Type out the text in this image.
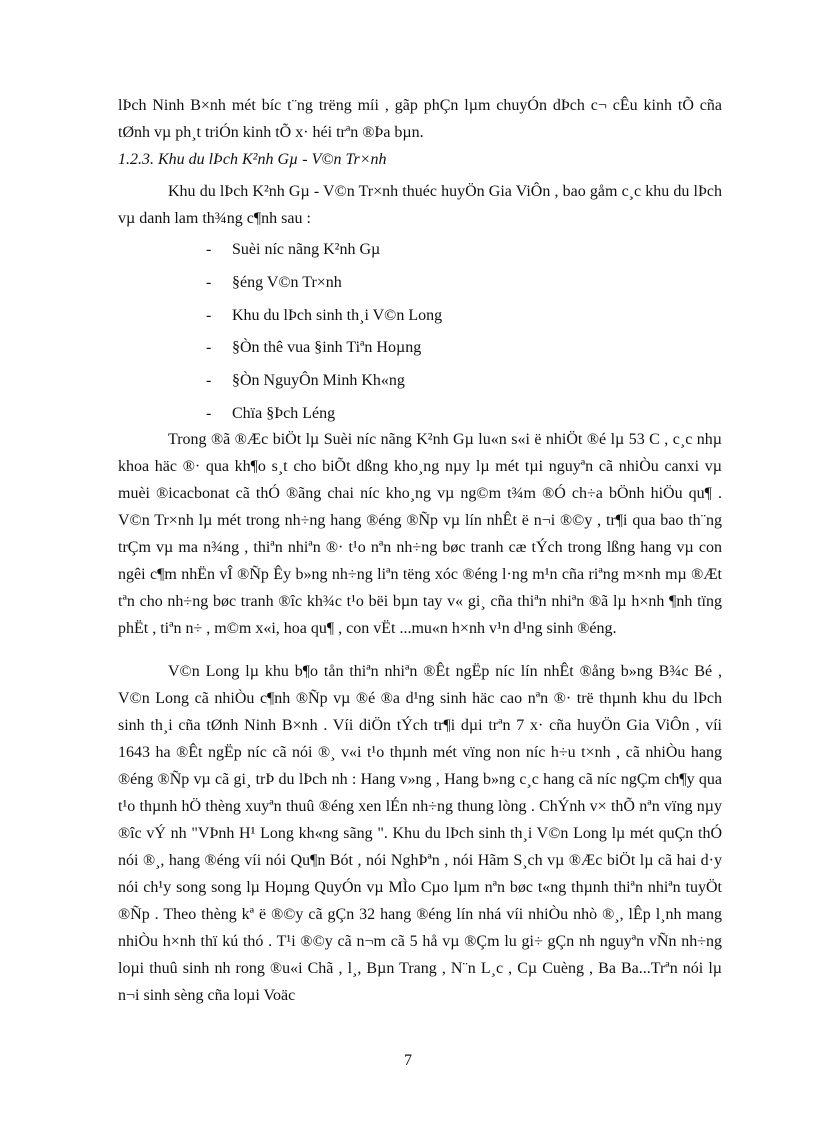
lÞch Ninh B×nh mét bíc t¨ng trëng míi , gãp phÇn lµm chuyÓn dÞch c¬ cÊu kinh tÕ cña tØnh vµ ph¸t triÓn kinh tÕ x· héi trªn ®Þa bµn.

1.2.3. Khu du lÞch K²nh Gµ - V©n Tr×nh

Khu du lÞch K²nh Gµ - V©n Tr×nh thuéc huyÖn Gia ViÔn , bao gåm c¸c khu du lÞch vµ danh lam th¾ng c¶nh sau :

- Suèi níc nãng K²nh Gµ
- §éng V©n Tr×nh
- Khu du lÞch sinh th¸i V©n Long
- §Òn thê vua §inh Tiªn Hoµng
- §Òn NguyÔn Minh Kh«ng
- Chïa §Þch Léng

Trong ®ã ®Æc biÖt lµ Suèi níc nãng K²nh Gµ lu«n s«i ë nhiÖt ®é lµ 53 C , c¸c nhµ khoa häc ®· qua kh¶o s¸t cho biÕt dßng kho¸ng nµy lµ mét tµi nguyªn cã nhiÒu canxi vµ muèi ®icacbonat cã thÓ ®ãng chai níc kho¸ng vµ ng©m t¾m ®Ó ch÷a bÖnh hiÖu qu¶ . V©n Tr×nh lµ mét trong nh÷ng hang ®éng ®Ñp vµ lín nhÊt ë n¬i ®©y , tr¶i qua bao th¨ng trÇm vµ ma n¾ng , thiªn nhiªn ®· t¹o nªn nh÷ng bøc tranh cæ tÝch trong lßng hang vµ con ngêi c¶m nhËn vÎ ®Ñp Êy b»ng nh÷ng liªn tëng xóc ®éng l·ng m¹n cña riªng m×nh mµ ®Æt tªn cho nh÷ng bøc tranh ®îc kh¾c t¹o bëi bµn tay v« gi¸ cña thiªn nhiªn ®ã lµ h×nh ¶nh tïng phËt , tiªn n÷ , m©m x«i, hoa qu¶ , con vËt ...mu«n h×nh v¹n d¹ng sinh ®éng.

V©n Long lµ khu b¶o tån thiªn nhiªn ®Êt ngËp níc lín nhÊt ®ång b»ng B¾c Bé , V©n Long cã nhiÒu c¶nh ®Ñp vµ ®é ®a d¹ng sinh häc cao nªn ®· trë thµnh khu du lÞch sinh th¸i cña tØnh Ninh B×nh . Víi diÖn tÝch tr¶i dµi trªn 7 x· cña huyÖn Gia ViÔn , víi 1643 ha ®Êt ngËp níc cã nói ®¸ v«i t¹o thµnh mét vïng non níc h÷u t×nh , cã nhiÒu hang ®éng ®Ñp vµ cã gi¸ trÞ du lÞch nh : Hang v»ng , Hang b»ng c¸c hang cã níc ngÇm ch¶y qua t¹o thµnh hÖ thèng xuyªn thuû ®éng xen lÉn nh÷ng thung lòng . ChÝnh v× thÕ nªn vïng nµy ®îc vÝ nh "VÞnh H¹ Long kh«ng sãng ". Khu du lÞch sinh th¸i V©n Long lµ mét quÇn thÓ nói ®¸, hang ®éng víi nói Qu¶n Bót , nói NghÞªn , nói Hãm S¸ch vµ ®Æc biÖt lµ cã hai d·y nói ch¹y song song lµ Hoµng QuyÓn vµ MÌo Cµo lµm nªn bøc t«ng thµnh thiªn nhiªn tuyÖt ®Ñp . Theo thèng kª ë ®©y cã gÇn 32 hang ®éng lín nhá víi nhiÒu nhò ®¸, lÊp l¸nh mang nhiÒu h×nh thï kú thó . T¹i ®©y cã n¬m cã 5 hå vµ ®Çm lu gi÷ gÇn nh nguyªn vÑn nh÷ng loµi thuû sinh nh rong ®u«i Chã , l¸, Bµn Trang , N¨n L¸c , Cµ Cuèng , Ba Ba...Trªn nói lµ n¬i sinh sèng cña loµi Voäc

7
